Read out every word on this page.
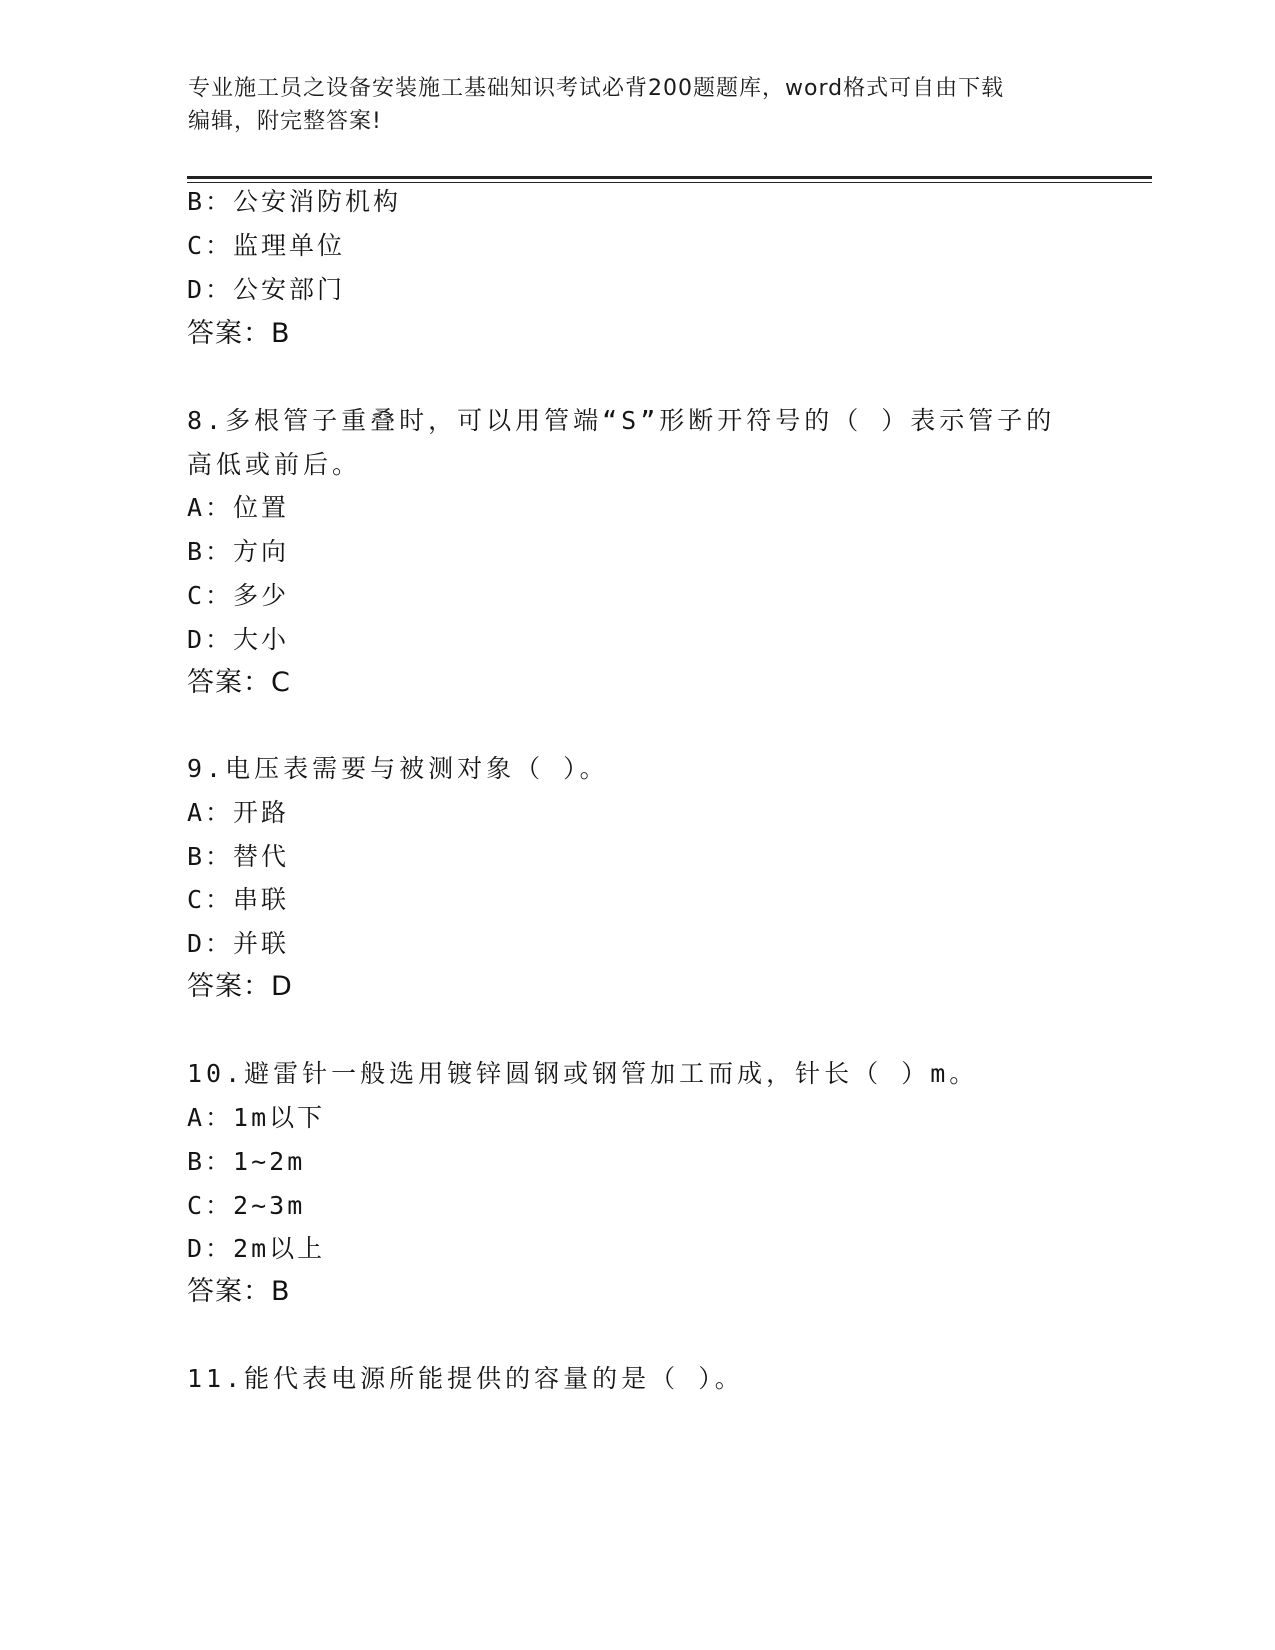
专业施工员之设备安装施工基础知识考试必背200题题库，word格式可自由下载
编辑，附完整答案!
B：公安消防机构
C：监理单位
D：公安部门
答案：B
8.多根管子重叠时，可以用管端“S”形断开符号的（ ）表示管子的
高低或前后。
A：位置
B：方向
C：多少
D：大小
答案：C
9.电压表需要与被测对象（ ）。
A：开路
B：替代
C：串联
D：并联
答案：D
10.避雷针一般选用镀锌圆钢或钢管加工而成，针长（ ）m。
A：1m以下
B：1~2m
C：2~3m
D：2m以上
答案：B
11.能代表电源所能提供的容量的是（ ）。
